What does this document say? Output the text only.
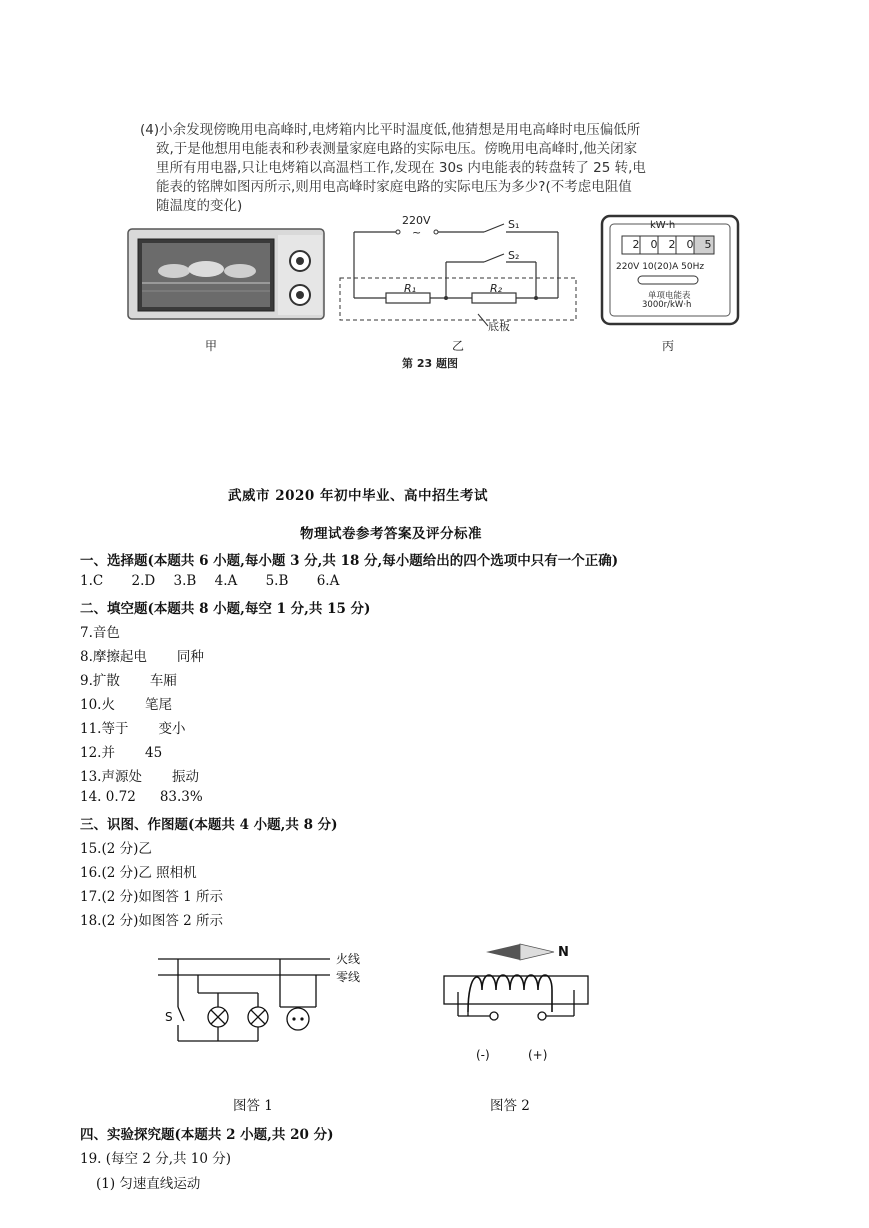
(4)小余发现傍晚用电高峰时,电烤箱内比平时温度低,他猜想是用电高峰时电压偏低所
致,于是他想用电能表和秒表测量家庭电路的实际电压。傍晚用电高峰时,他关闭家
里所有用电器,只让电烤箱以高温档工作,发现在 30s 内电能表的转盘转了 25 转,电
能表的铭牌如图丙所示,则用电高峰时家庭电路的实际电压为多少?(不考虑电阻值
随温度的变化)
甲
220V
~
S₁
S₂
R₁	R₂
底板
乙
kW·h
2 0 2 0 5
220V 10(20)A 50Hz
单项电能表
3000r/kW·h
丙
第 23 题图
武威市 2020 年初中毕业、高中招生考试
物理试卷参考答案及评分标准
一、选择题(本题共 6 小题,每小题 3 分,共 18 分,每小题给出的四个选项中只有一个正确)
1.C 2.D 3.B 4.A 5.B 6.A
二、填空题(本题共 8 小题,每空 1 分,共 15 分)
7.音色
8.摩擦起电 同种
9.扩散 车厢
10.火 笔尾
11.等于 变小
12.并 45
13.声源处 振动
14. 0.72 83.3%
三、识图、作图题(本题共 4 小题,共 8 分)
15.(2 分)乙
16.(2 分)乙 照相机
17.(2 分)如图答 1 所示
18.(2 分)如图答 2 所示
火线
零线
S
图答 1
N
(-)	(+)
图答 2
四、实验探究题(本题共 2 小题,共 20 分)
19. (每空 2 分,共 10 分)
(1) 匀速直线运动
